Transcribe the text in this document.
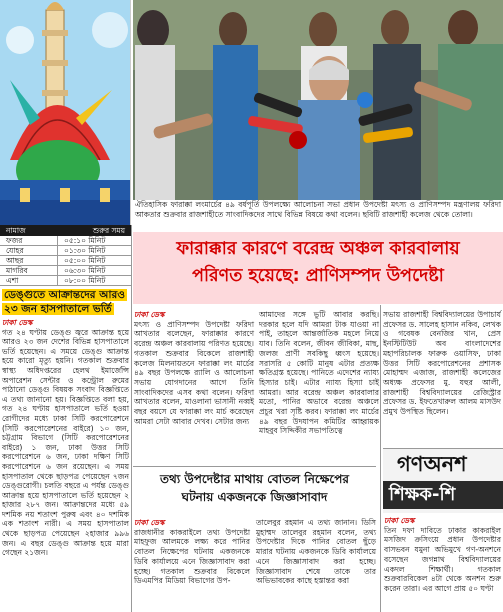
নামাজ	শুরুর সময়
ফজর	০৫:১০ মিনিট
যোহর	০১:৩০ মিনিট
আছর	০৫:০০ মিনিট
মাগরিব	০৬:৩০ মিনিট
এশা	০৮:০০ মিনিট
ডেঙ্গুতে আক্রান্তদের আরও
২৩ জন হাসপাতালে ভর্তি
ঢাকা ডেস্ক

গত ২৪ ঘণ্টায় ডেঙ্গু জ্বরে আক্রান্ত হয়ে আরও ২৩ জন দেশের বিভিন্ন হাসপাতালে ভর্তি হয়েছেন। এ সময়ে ডেঙ্গু আক্রান্ত হয়ে কারো মৃত্যু হয়নি। গতকাল শুক্রবার স্বাস্থ্য অধিদপ্তরের হেলথ ইমার্জেন্সি অপারেশন সেন্টার ও কন্ট্রোল রুমের পাঠানো ডেঙ্গু বিষয়ক সংবাদ বিজ্ঞপ্তিতে এ তথ্য জানানো হয়। বিজ্ঞপ্তিতে বলা হয়, গত ২৪ ঘণ্টায় হাসপাতালে ভর্তি হওয়া রোগীদের মধ্যে ঢাকা সিটি করপোরেশনে (সিটি করপোরেশনের বাইরে) ১০ জন, চট্টগ্রাম বিভাগে (সিটি করপোরেশনের বাইরে) ১ জন, ঢাকা উত্তর সিটি করপোরেশনে ৬ জন, ঢাকা দক্ষিণ সিটি করপোরেশনে ৬ জন রয়েছেন। এ সময় হাসপাতাল থেকে ছাড়পত্র পেয়েছেন ৭জন ডেঙ্গুরোগী। চলতি বছরে এ পর্যন্ত ডেঙ্গু আক্রান্ত হয়ে হাসপাতালে ভর্তি হয়েছেন ২ হাজার ২৮৭ জন। আক্রান্তদের মধ্যে ৫৯ দশমিক নয় শতাংশ পুরুষ এবং ৪০ দশমিক এক শতাংশ নারী। এ সময় হাসপাতাল থেকে ছাড়পত্র পেয়েছেন ২হাজার ৯৯৬ জন। এ বছর ডেঙ্গু আক্রান্ত হয়ে মারা গেছেন ২১জন।

ঐতিহাসিক ফারাক্কা লংমার্চের ৪৯ বর্ষপূর্তি উপলক্ষ্যে আলোচনা সভা প্রধান উপদেষ্টা মৎস্য ও প্রাণিসম্পদ মন্ত্রণালয় ফরিদা আকতার শুক্রবার রাজশাহীতে সাংবাদিকদের সাথে বিভিন্ন বিষয়ে কথা বলেন। ছবিটি রাজশাহী কলেজ থেকে তোলা।
ফারাক্কার কারণে বরেন্দ্র অঞ্চল কারবালায়
পরিণত হয়েছে: প্রাণিসম্পদ উপদেষ্টা
ঢাকা ডেস্ক

মৎস্য ও প্রাণিসম্পদ উপদেষ্টা ফরিদা আখতার বলেছেন, ফারাক্কার কারণে বরেন্দ্র অঞ্চল কারবালায় পরিণত হয়েছে। গতকাল শুক্রবার বিকেলে রাজশাহী কলেজ মিলনায়তনে ফারাক্কা লং মার্চের ৪৯ বছর উপলক্ষে র‌্যালি ও আলোচনা সভায় যোগদানের আগে তিনি সাংবাদিকদের এসব কথা বলেন। ফরিদা আখতার বলেন, মাওলানা ভাসানী নব্বই বছর বয়সে যে ফারাক্কা লং মার্চ করেছেন আমরা সেটা আবার দেখব। সেটার জন্য

আমাদের সঙ্গে ভুটি আবার করছি। দরকার হলে যদি আমরা টাক যাওয়া না পাই, তাহলে আন্তর্জাতিক মহলে নিয়ে যাব। তিনি বলেন, জীবন জীবিকা, মাছ, জলজ প্রাণী সবকিছু ধ্বংস হয়েছে। সরাসরি ৫ কোটি মানুষ এটার প্রত্যক্ষ ক্ষতিগ্রস্ত হয়েছে। পানিতে এদেশের ন্যায্য হিস্যার চাই। এটার ন্যায্য হিস্যা চাই আমরা। আর বরেন্দ্র অঞ্চল কারবালার মতো, পানির অভাবে বরেন্দ্র অঞ্চলে প্রচুর খরা সৃষ্টি করব। ফারাক্কা লং মার্চের ৪৯ বছর উদযাপন কমিটির আহ্বায়ক মাহবুব সিদ্দিকীর সভাপতিত্বে

সভায় রাজশাহী বিশ্ববিদ্যালয়ের উপাচার্য প্রফেসর ড. সালেহ হাসান নকিব, লেখক ও গবেষক বেনজির খান, প্রেস ইনস্টিটিউট অব বাংলাদেশের মহাপরিচালক ফারুক ওয়াসিফ, ঢাকা উত্তর সিটি করপোরেশনের প্রশাসক মোহাম্মদ এজাজ, রাজশাহী কলেজের অধ্যক্ষ প্রফেসর মু. যহুর আলী, রাজশাহী বিশ্ববিদ্যালয়ের রেজিস্ট্রার প্রফেসর ড. ইফতেখারুল আলম মাসউদ প্রমুখ উপস্থিত ছিলেন।

তথ্য উপদেষ্টার মাথায় বোতল নিক্ষেপের
ঘটনায় একজনকে জিজ্ঞাসাবাদ
ঢাকা ডেস্ক

রাজধানীর কাকরাইলে তথ্য উপদেষ্টা মাহফুজ আলমকে লক্ষ্য করে পানির বোতল নিক্ষেপের ঘটনায় একজনকে ডিবি কার্যালয়ে এনে জিজ্ঞাসাবাদ করা হচ্ছে। গতকাল শুক্রবার বিকেলে ডিএমপির মিডিয়া বিভাগের উপ-

তালেবুর রহমান এ তথ্য জানান। ডিসি মুহাম্মদ তালেবুর রহমান বলেন, তথ্য উপদেষ্টার দিকে পানির বোতল ছুঁড়ে মারার ঘটনায় একজনকে ডিবি কার্যালয়ে এনে জিজ্ঞাসাবাদ করা হচ্ছে। জিজ্ঞাসাবাদ শেষে তাকে তার অভিভাবকের কাছে হস্তান্তর করা

গণঅনশ
শিক্ষক-শি
ঢাকা ডেস্ক

তিন দফা দাবিতে ঢাকার কাকরাইল মসজিদ ক্রসিংয়ে প্রধান উপদেষ্টার বাসভবন যমুনা অভিমুখে গণ-অনশনে বসেছেন জগন্নাথ বিশ্ববিদ্যালয়ের একদল শিক্ষার্থী। গতকাল শুক্রবারবিকেল ৪টা থেকে অনশন শুরু করেন তারা। এর আগে প্রায় ৫০ ঘণ্টা
